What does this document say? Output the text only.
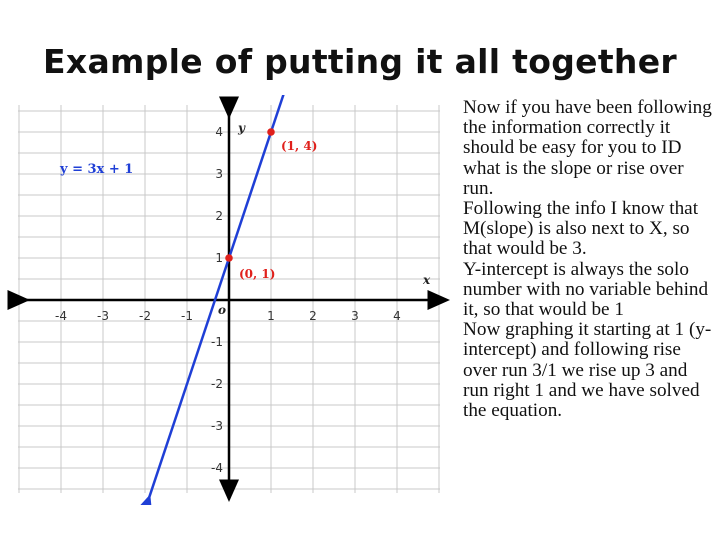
Example of putting it all together
-4	-3	-2	-1	1	2	3	4
4
3
2
1
-1
-2
-3
-4
y
x
o
y = 3x + 1
(1, 4)
(0, 1)

Now if you have been following the information correctly it should be easy for you to ID what is the slope or rise over run.

Following the info I know that M(slope) is also next to X, so that would be 3.

Y-intercept is always the solo number with no variable behind it, so that would be 1

Now graphing it starting at 1 (y-intercept) and following rise over run 3/1 we rise up 3 and run right 1 and we have solved the equation.
